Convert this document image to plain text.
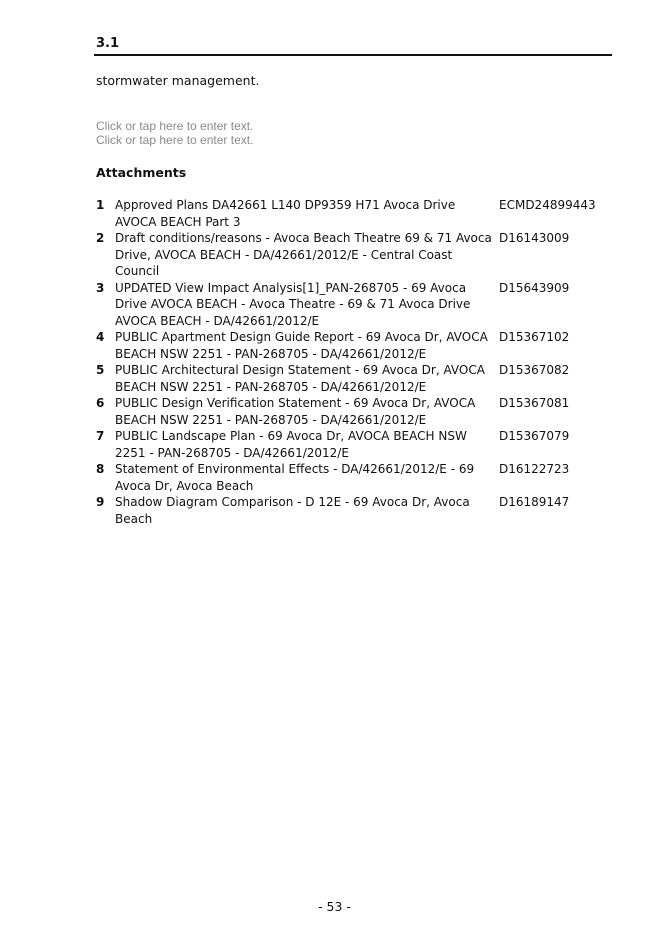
3.1
stormwater management.
Click or tap here to enter text.
Click or tap here to enter text.
Attachments
1 Approved Plans DA42661 L140 DP9359 H71 Avoca Drive AVOCA BEACH Part 3
ECMD24899443
2 Draft conditions/reasons - Avoca Beach Theatre 69 & 71 Avoca Drive, AVOCA BEACH - DA/42661/2012/E - Central Coast Council
D16143009
3 UPDATED View Impact Analysis[1]_PAN-268705 - 69 Avoca Drive AVOCA BEACH - Avoca Theatre - 69 & 71 Avoca Drive AVOCA BEACH - DA/42661/2012/E
D15643909
4 PUBLIC Apartment Design Guide Report - 69 Avoca Dr, AVOCA BEACH NSW 2251 - PAN-268705 - DA/42661/2012/E
D15367102
5 PUBLIC Architectural Design Statement - 69 Avoca Dr, AVOCA BEACH NSW 2251 - PAN-268705 - DA/42661/2012/E
D15367082
6 PUBLIC Design Verification Statement - 69 Avoca Dr, AVOCA BEACH NSW 2251 - PAN-268705 - DA/42661/2012/E
D15367081
7 PUBLIC Landscape Plan - 69 Avoca Dr, AVOCA BEACH NSW 2251 - PAN-268705 - DA/42661/2012/E
D15367079
8 Statement of Environmental Effects - DA/42661/2012/E - 69 Avoca Dr, Avoca Beach
D16122723
9 Shadow Diagram Comparison - D 12E - 69 Avoca Dr, Avoca Beach
D16189147
- 53 -
